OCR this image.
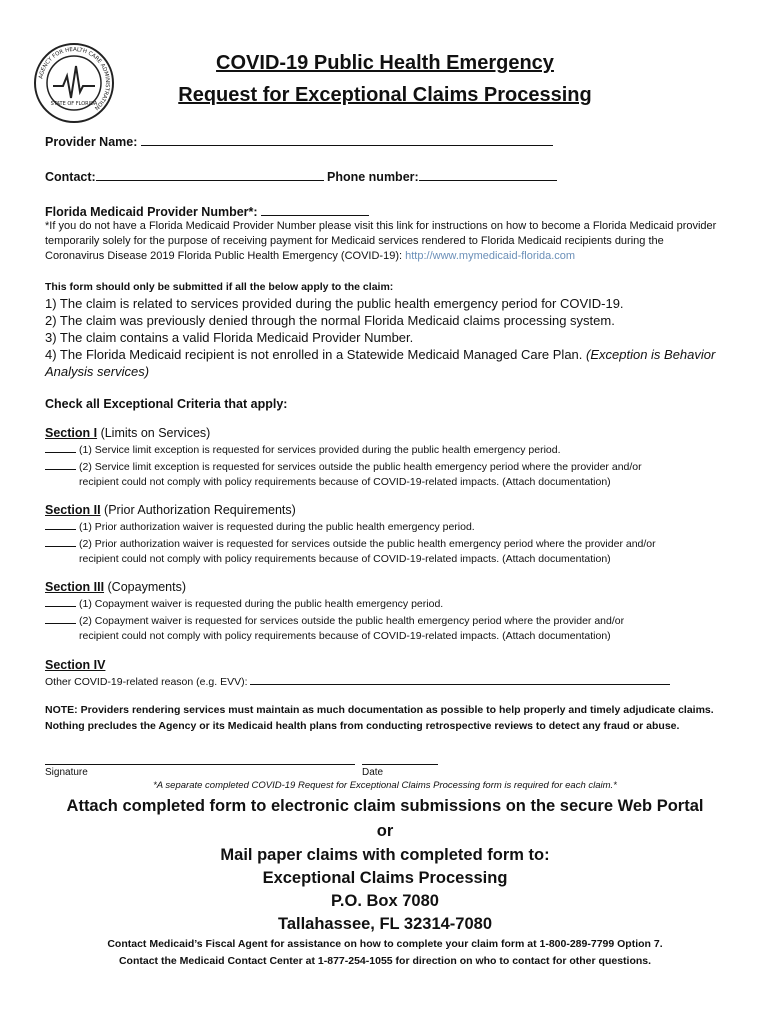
AGENCY FOR HEALTH CARE ADMINISTRATION
STATE OF FLORIDA
COVID-19 Public Health Emergency
Request for Exceptional Claims Processing
Provider Name:
Contact:	Phone number:
Florida Medicaid Provider Number*:
*If you do not have a Florida Medicaid Provider Number please visit this link for instructions on how to become a Florida Medicaid provider temporarily solely for the purpose of receiving payment for Medicaid services rendered to Florida Medicaid recipients during the Coronavirus Disease 2019 Florida Public Health Emergency (COVID-19): http://www.mymedicaid-florida.com
This form should only be submitted if all the below apply to the claim:
1) The claim is related to services provided during the public health emergency period for COVID-19.
2) The claim was previously denied through the normal Florida Medicaid claims processing system.
3) The claim contains a valid Florida Medicaid Provider Number.
4) The Florida Medicaid recipient is not enrolled in a Statewide Medicaid Managed Care Plan. (Exception is Behavior Analysis services)
Check all Exceptional Criteria that apply:
Section I (Limits on Services)
(1) Service limit exception is requested for services provided during the public health emergency period.
(2) Service limit exception is requested for services outside the public health emergency period where the provider and/or
recipient could not comply with policy requirements because of COVID-19-related impacts. (Attach documentation)
Section II (Prior Authorization Requirements)
(1) Prior authorization waiver is requested during the public health emergency period.
(2) Prior authorization waiver is requested for services outside the public health emergency period where the provider and/or
recipient could not comply with policy requirements because of COVID-19-related impacts. (Attach documentation)
Section III (Copayments)
(1) Copayment waiver is requested during the public health emergency period.
(2) Copayment waiver is requested for services outside the public health emergency period where the provider and/or
recipient could not comply with policy requirements because of COVID-19-related impacts. (Attach documentation)
Section IV
Other COVID-19-related reason (e.g. EVV):
NOTE: Providers rendering services must maintain as much documentation as possible to help properly and timely adjudicate claims. Nothing precludes the Agency or its Medicaid health plans from conducting retrospective reviews to detect any fraud or abuse.
Signature	Date
*A separate completed COVID-19 Request for Exceptional Claims Processing form is required for each claim.*
Attach completed form to electronic claim submissions on the secure Web Portal
or
Mail paper claims with completed form to:
Exceptional Claims Processing
P.O. Box 7080
Tallahassee, FL 32314-7080
Contact Medicaid’s Fiscal Agent for assistance on how to complete your claim form at 1-800-289-7799 Option 7.
Contact the Medicaid Contact Center at 1-877-254-1055 for direction on who to contact for other questions.
